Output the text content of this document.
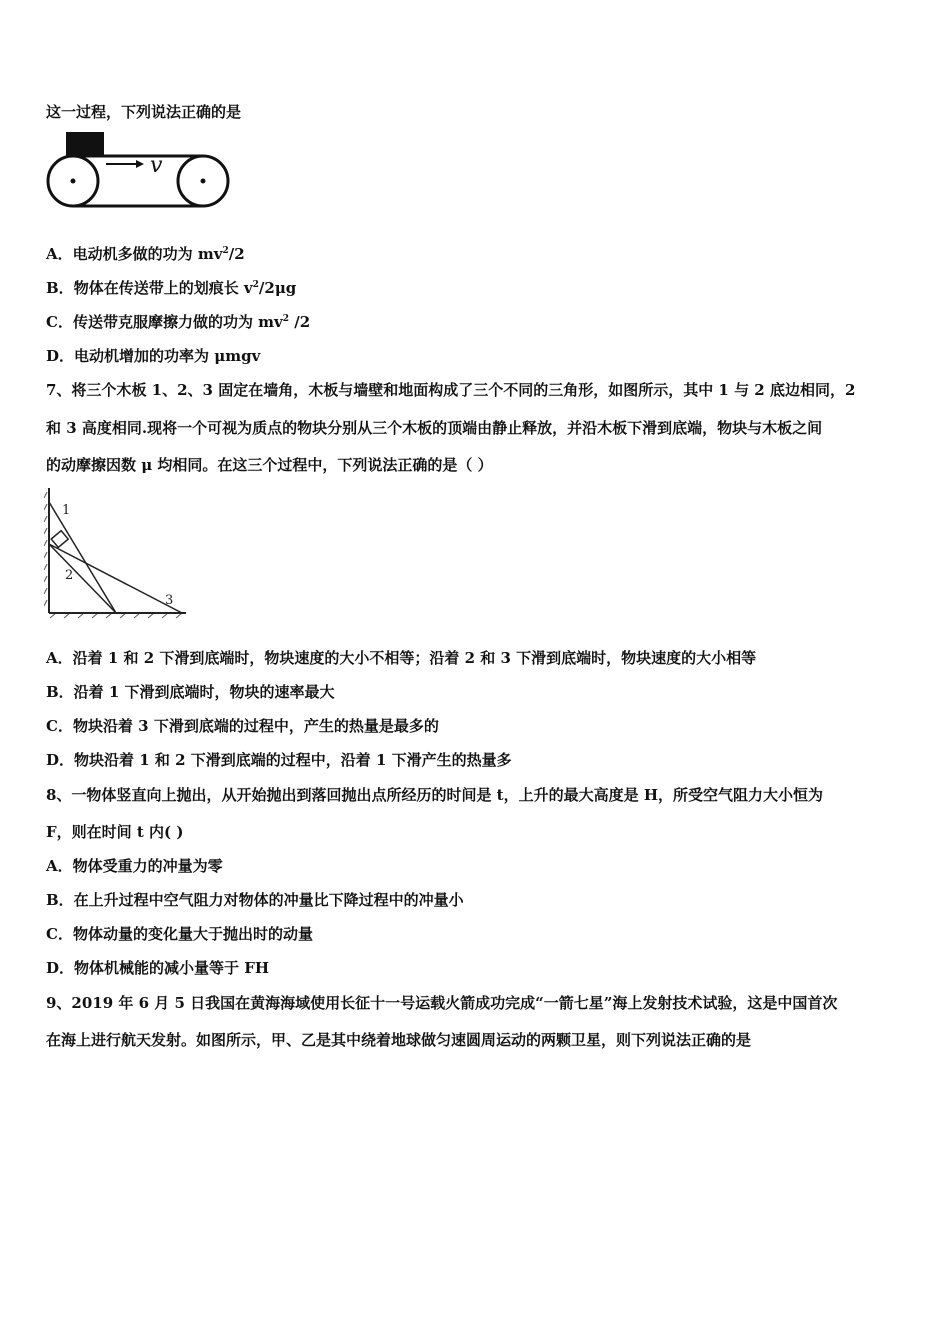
这一过程，下列说法正确的是
v
A．电动机多做的功为 $mv^2/2$
B．物体在传送带上的划痕长 $v^2/2\mu g$
C．传送带克服摩擦力做的功为 $mv^2$ /2
D．电动机增加的功率为 μmgv
7、将三个木板 1、2、3 固定在墙角，木板与墙壁和地面构成了三个不同的三角形，如图所示，其中 1 与 2 底边相同，2
和 3 高度相同.现将一个可视为质点的物块分别从三个木板的顶端由静止释放，并沿木板下滑到底端，物块与木板之间
的动摩擦因数 μ 均相同。在这三个过程中，下列说法正确的是（ ）
1
2
3
A．沿着 1 和 2 下滑到底端时，物块速度的大小不相等；沿着 2 和 3 下滑到底端时，物块速度的大小相等
B．沿着 1 下滑到底端时，物块的速率最大
C．物块沿着 3 下滑到底端的过程中，产生的热量是最多的
D．物块沿着 1 和 2 下滑到底端的过程中，沿着 1 下滑产生的热量多
8、一物体竖直向上抛出，从开始抛出到落回抛出点所经历的时间是 t，上升的最大高度是 H，所受空气阻力大小恒为
F，则在时间 t 内( )
A．物体受重力的冲量为零
B．在上升过程中空气阻力对物体的冲量比下降过程中的冲量小
C．物体动量的变化量大于抛出时的动量
D．物体机械能的减小量等于 FH
9、2019 年 6 月 5 日我国在黄海海域使用长征十一号运载火箭成功完成“一箭七星”海上发射技术试验，这是中国首次
在海上进行航天发射。如图所示，甲、乙是其中绕着地球做匀速圆周运动的两颗卫星，则下列说法正确的是
